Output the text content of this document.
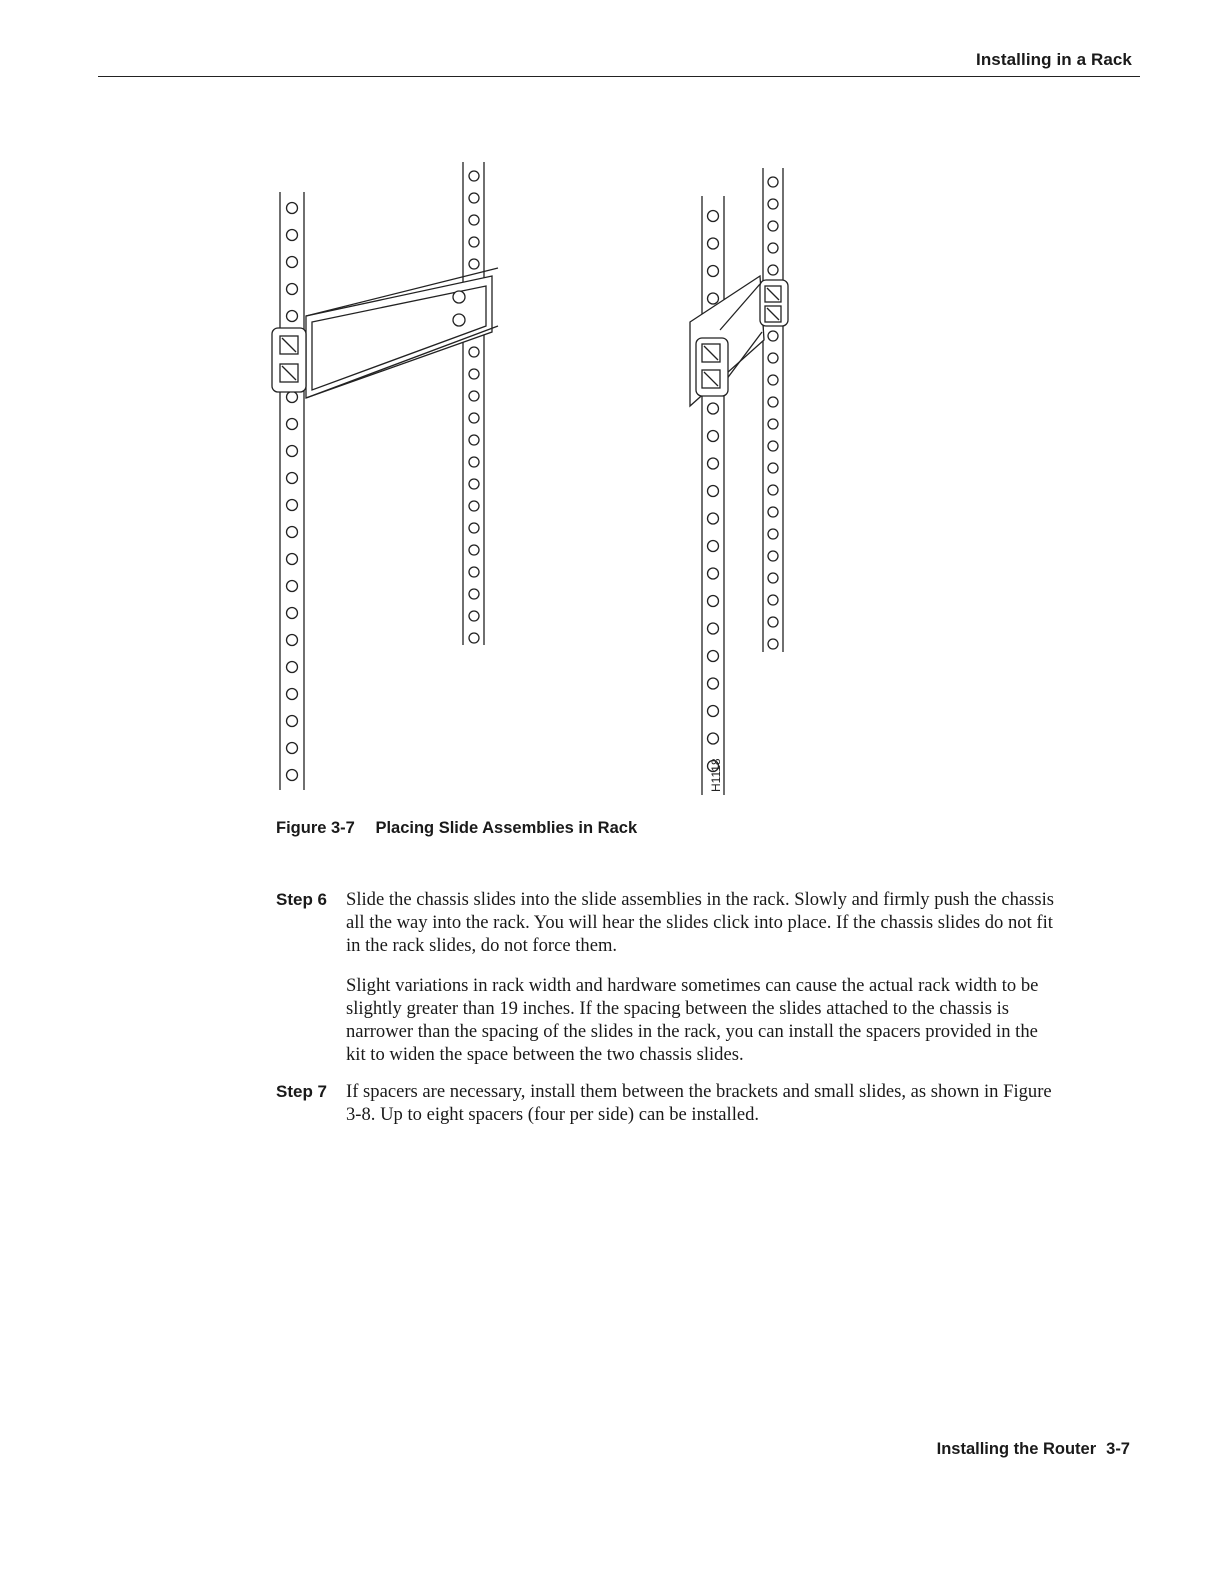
Installing in a Rack
H1118
Figure 3-7 Placing Slide Assemblies in Rack
Step 6 Slide the chassis slides into the slide assemblies in the rack. Slowly and firmly push the chassis all the way into the rack. You will hear the slides click into place. If the chassis slides do not fit in the rack slides, do not force them.

Slight variations in rack width and hardware sometimes can cause the actual rack width to be slightly greater than 19 inches. If the spacing between the slides attached to the chassis is narrower than the spacing of the slides in the rack, you can install the spacers provided in the kit to widen the space between the two chassis slides.

Step 7 If spacers are necessary, install them between the brackets and small slides, as shown in Figure 3-8. Up to eight spacers (four per side) can be installed.

Installing the Router 3-7
